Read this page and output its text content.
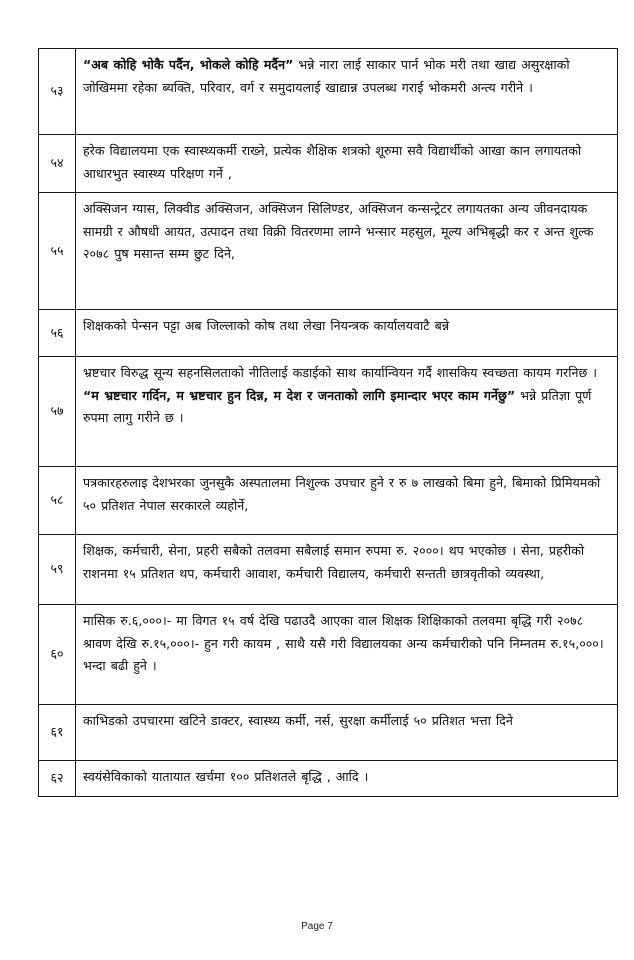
५३	“अब कोहि भोकै पर्दैन, भोकले कोहि मर्दैन” भन्ने नारा लाई साकार पार्न भोक मरी तथा खाद्य असुरक्षाको जोखिममा रहेका ब्यक्ति, परिवार, वर्ग र समुदायलाई खाद्यान्न उपलब्ध गराई भोकमरी अन्त्य गरीने ।
५४	हरेक विद्यालयमा एक स्वास्थ्यकर्मी राख्ने, प्रत्येक शैक्षिक शत्रको शूरुमा सवै विद्यार्थीको आखा कान लगायतको आधारभुत स्वास्थ्य परिक्षण गर्ने ,
५५	अक्सिजन ग्यास, लिक्वीड अक्सिजन, अक्सिजन सिलिण्डर, अक्सिजन कन्सन्ट्रेटर लगायतका अन्य जीवनदायक सामग्री र औषधी आयत, उत्पादन तथा विक्री वितरणमा लाग्ने भन्सार महसुल, मूल्य अभिबृद्धी कर र अन्त शुल्क २०७८ पुष मसान्त सम्म छुट दिने,
५६	शिक्षकको पेन्सन पट्टा अब जिल्लाको कोष तथा लेखा नियन्त्रक कार्यालयवाटै बन्ने
५७	भ्रष्टचार विरुद्ध सून्य सहनसिलताको नीतिलाई कडाईको साथ कार्यान्वियन गर्दै शासकिय स्वच्छता कायम गरनिछ । “म भ्रष्टचार गर्दिन, म भ्रष्टचार हुन दिन्न, म देश र जनताको लागि इमान्दार भएर काम गर्नेछु” भन्ने प्रतिज्ञा पूर्ण रुपमा लागु गरीने छ ।
५८	पत्रकारहरुलाइ देशभरका जुनसुकै अस्पतालमा निशुल्क उपचार हुने र रु ७ लाखको बिमा हुने, बिमाको प्रिमियमको ५० प्रतिशत नेपाल सरकारले व्यहोर्ने,
५९	शिक्षक, कर्मचारी, सेना, प्रहरी सबैको तलवमा सबैलाई समान रुपमा रु. २०००। थप भएकोछ । सेना, प्रहरीको राशनमा १५ प्रतिशत थप, कर्मचारी आवाश, कर्मचारी विद्यालय, कर्मचारी सन्तती छात्रवृतीको व्यवस्था,
६०	मासिक रु.६,०००।- मा विगत १५ वर्ष देखि पढाउदै आएका वाल शिक्षक शिक्षिकाको तलवमा बृद्धि गरी २०७८ श्रावण देखि रु.१५,०००।- हुन गरी कायम , साथै यसै गरी विद्यालयका अन्य कर्मचारीको पनि निम्नतम रु.१५,०००। भन्दा बढी हुने ।
६१	काभिडको उपचारमा खटिने डाक्टर, स्वास्थ्य कर्मी, नर्स, सुरक्षा कर्मीलाई ५० प्रतिशत भत्ता दिने
६२	स्वयंसेविकाको यातायात खर्चमा १०० प्रतिशतले बृद्धि , आदि ।
Page 7
